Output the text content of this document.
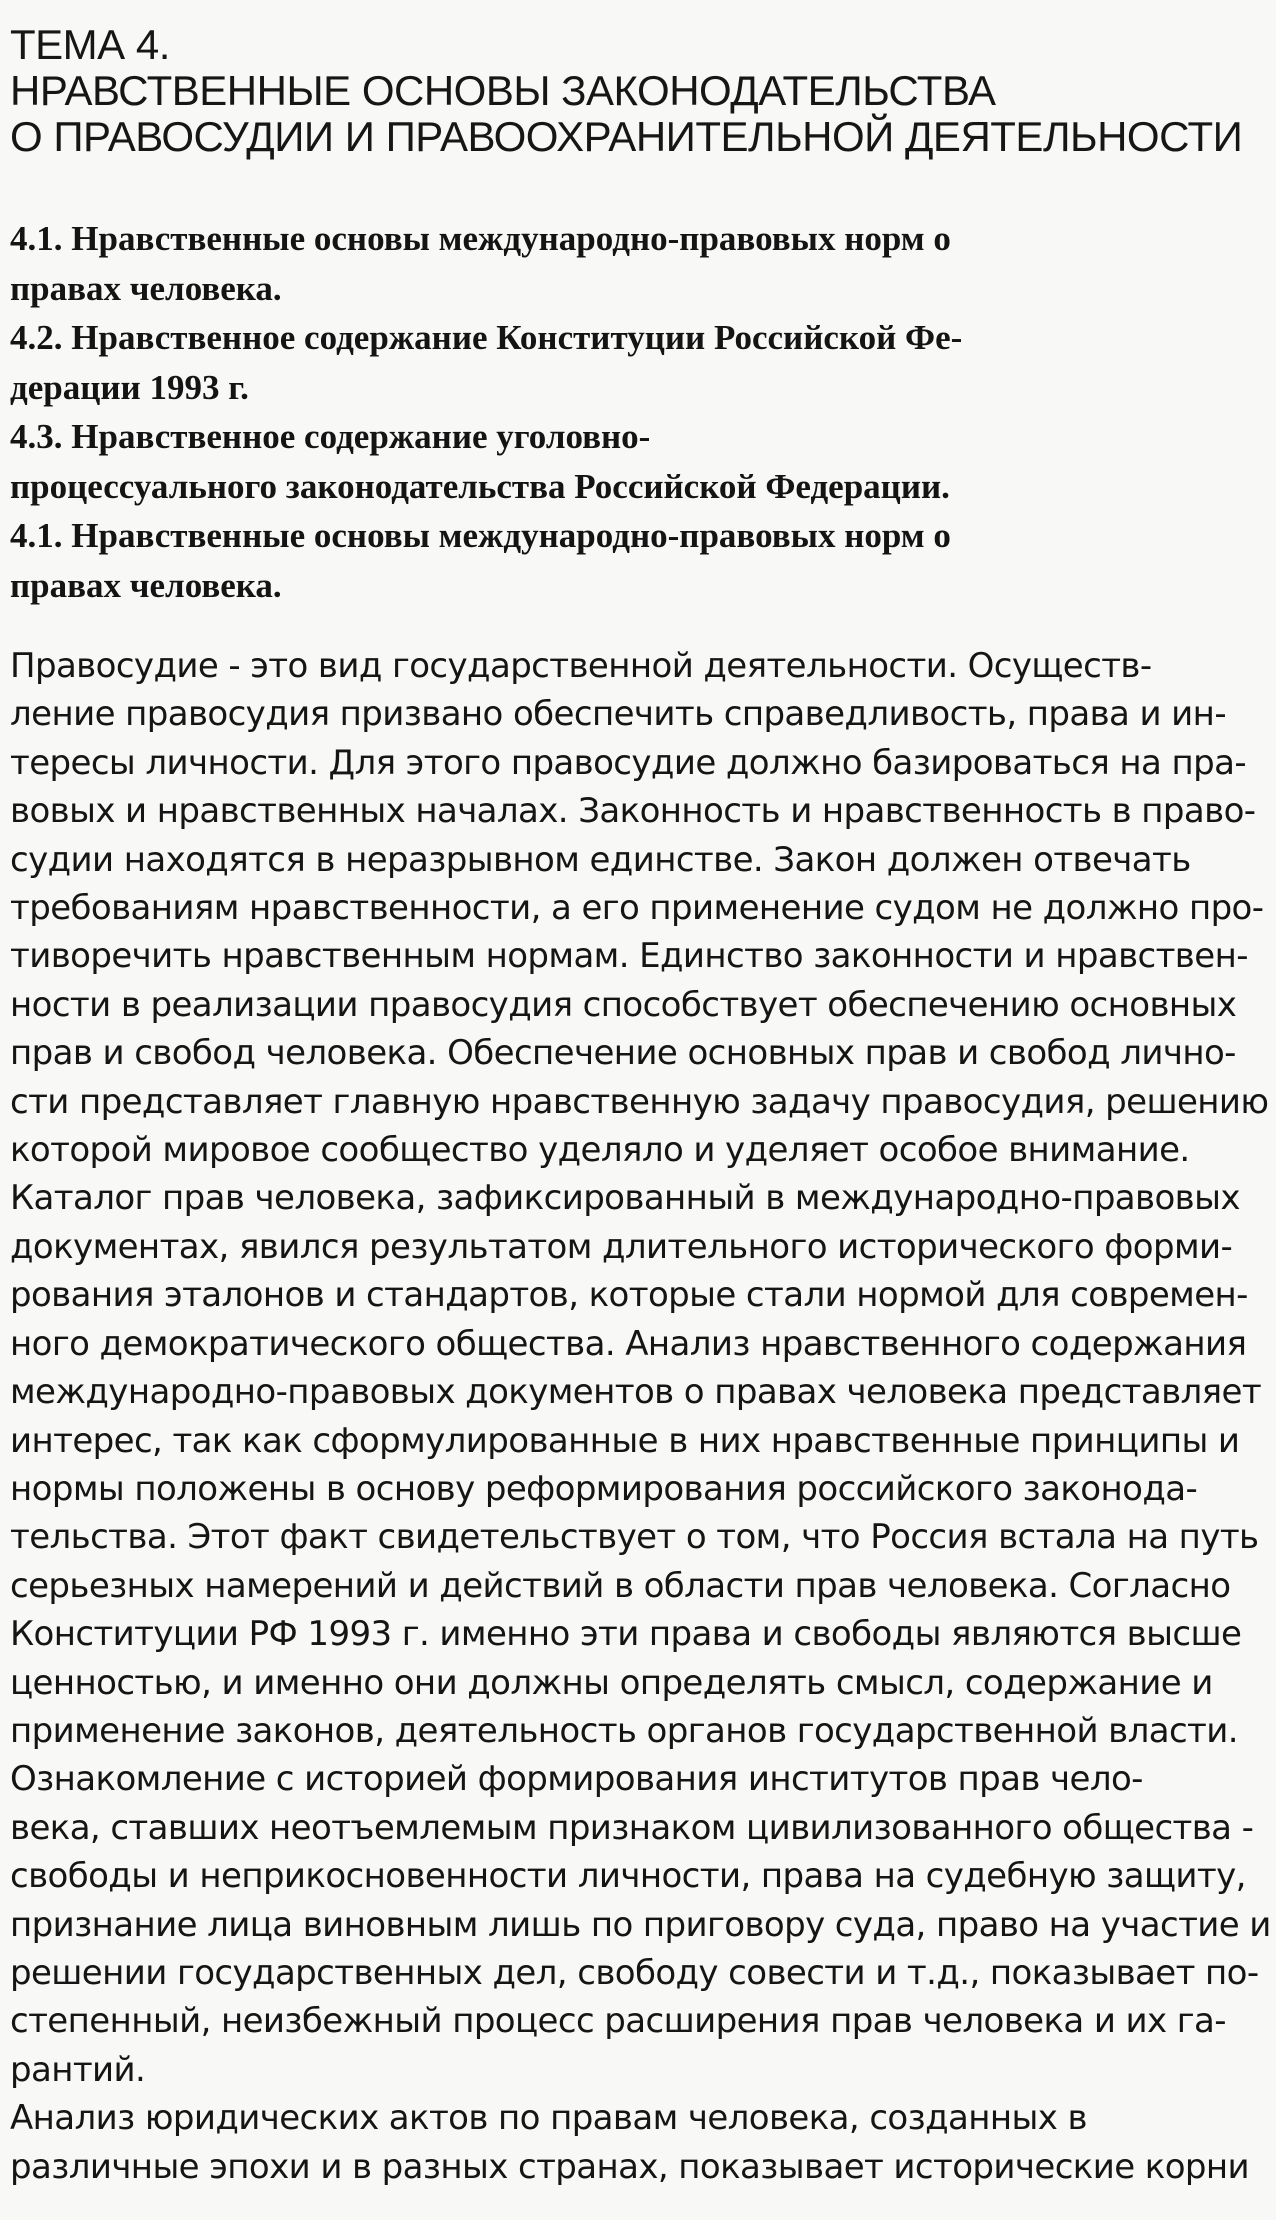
ТЕМА 4.
НРАВСТВЕННЫЕ ОСНОВЫ ЗАКОНОДАТЕЛЬСТВА
О ПРАВОСУДИИ И ПРАВООХРАНИТЕЛЬНОЙ ДЕЯТЕЛЬНОСТИ
4.1. Нравственные основы международно-правовых норм о
правах человека.
4.2. Нравственное содержание Конституции Российской Фе-
дерации 1993 г.
4.3. Нравственное содержание уголовно-
процессуального законодательства Российской Федерации.
4.1. Нравственные основы международно-правовых норм о
правах человека.
Правосудие - это вид государственной деятельности. Осуществ-
ление правосудия призвано обеспечить справедливость, права и ин-
тересы личности. Для этого правосудие должно базироваться на пра-
вовых и нравственных началах. Законность и нравственность в право-
судии находятся в неразрывном единстве. Закон должен отвечать
требованиям нравственности, а его применение судом не должно про-
тиворечить нравственным нормам. Единство законности и нравствен-
ности в реализации правосудия способствует обеспечению основных
прав и свобод человека. Обеспечение основных прав и свобод лично-
сти представляет главную нравственную задачу правосудия, решению
которой мировое сообщество уделяло и уделяет особое внимание.
Каталог прав человека, зафиксированный в международно-правовых
документах, явился результатом длительного исторического форми-
рования эталонов и стандартов, которые стали нормой для современ-
ного демократического общества. Анализ нравственного содержания
международно-правовых документов о правах человека представляет
интерес, так как сформулированные в них нравственные принципы и
нормы положены в основу реформирования российского законода-
тельства. Этот факт свидетельствует о том, что Россия встала на путь
серьезных намерений и действий в области прав человека. Согласно
Конституции РФ 1993 г. именно эти права и свободы являются высше
ценностью, и именно они должны определять смысл, содержание и
применение законов, деятельность органов государственной власти.
Ознакомление с историей формирования институтов прав чело-
века, ставших неотъемлемым признаком цивилизованного общества -
свободы и неприкосновенности личности, права на судебную защиту,
признание лица виновным лишь по приговору суда, право на участие и
решении государственных дел, свободу совести и т.д., показывает по-
степенный, неизбежный процесс расширения прав человека и их га-
рантий.
Анализ юридических актов по правам человека, созданных в
различные эпохи и в разных странах, показывает исторические корни
